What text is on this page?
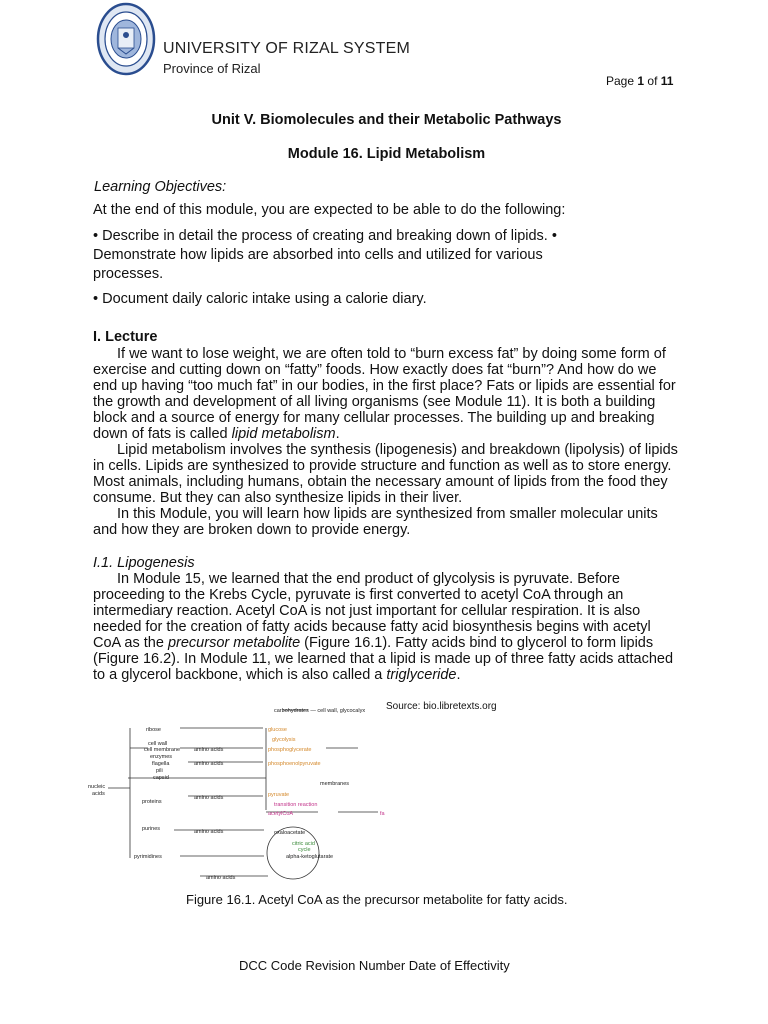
UNIVERSITY OF RIZAL SYSTEM
Province of Rizal
Page 1 of 11
Unit V. Biomolecules and their Metabolic Pathways
Module 16. Lipid Metabolism
Learning Objectives:
At the end of this module, you are expected to be able to do the following:
• Describe in detail the process of creating and breaking down of lipids. • Demonstrate how lipids are absorbed into cells and utilized for various processes.
• Document daily caloric intake using a calorie diary.
I. Lecture

If we want to lose weight, we are often told to “burn excess fat” by doing some form of exercise and cutting down on “fatty” foods. How exactly does fat “burn”? And how do we end up having “too much fat” in our bodies, in the first place? Fats or lipids are essential for the growth and development of all living organisms (see Module 11). It is both a building block and a source of energy for many cellular processes. The building up and breaking down of fats is called lipid metabolism.

Lipid metabolism involves the synthesis (lipogenesis) and breakdown (lipolysis) of lipids in cells. Lipids are synthesized to provide structure and function as well as to store energy. Most animals, including humans, obtain the necessary amount of lipids from the food they consume. But they can also synthesize lipids in their liver.

In this Module, you will learn how lipids are synthesized from smaller molecular units and how they are broken down to provide energy.

I.1. Lipogenesis

In Module 15, we learned that the end product of glycolysis is pyruvate. Before proceeding to the Krebs Cycle, pyruvate is first converted to acetyl CoA through an intermediary reaction. Acetyl CoA is not just important for cellular respiration. It is also needed for the creation of fatty acids because fatty acid biosynthesis begins with acetyl CoA as the precursor metabolite (Figure 16.1). Fatty acids bind to glycerol to form lipids (Figure 16.2). In Module 11, we learned that a lipid is made up of three fatty acids attached to a glycerol backbone, which is also called a triglyceride.

Source: bio.libretexts.org
carbohydrates — cell wall, glycocalyx
ribose
cell wall
cell membrane
enzymes
flagella
pili
capsid
amino acids
amino acids
nucleic
acids
proteins
amino acids
purines	amino acids
pyrimidines
amino acids
membranes
oxaloacetate
alpha-ketoglutarate
glucose
glycolysis
phosphoglycerate
phosphoenolpyruvate
pyruvate
transition reaction
acetylCoA	fa
citric acid
cycle
Figure 16.1. Acetyl CoA as the precursor metabolite for fatty acids.
DCC Code Revision Number Date of Effectivity
